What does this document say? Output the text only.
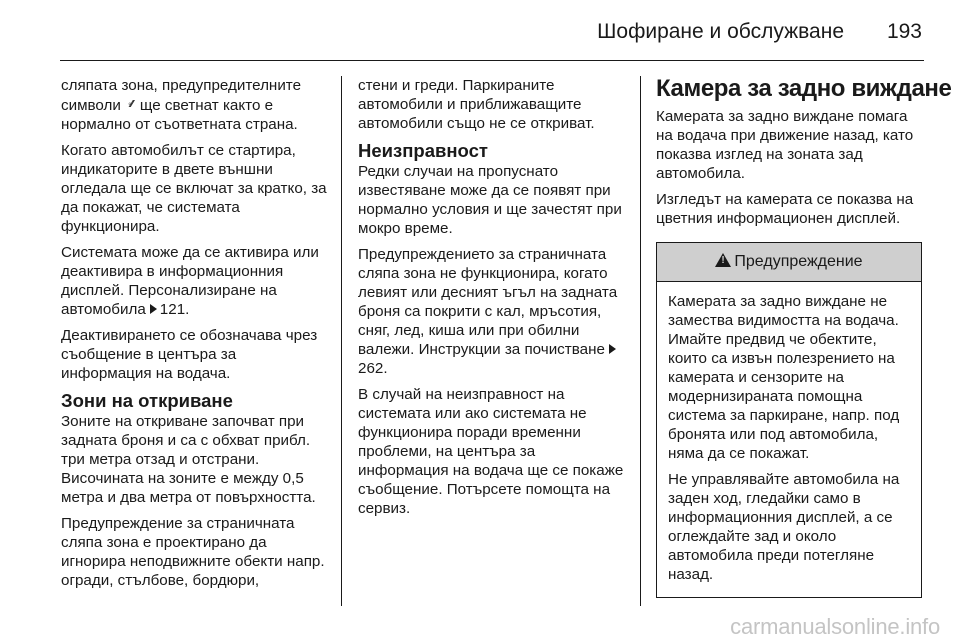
Шофиране и обслужване 193

сляпата зона, предупредителните символи ◦⁄⁄⁄ ще светнат както е нормално от съответната страна.

Когато автомобилът се стартира, индикаторите в двете външни огледала ще се включат за кратко, за да покажат, че системата функционира.

Системата може да се активира или деактивира в информационния дисплей. Персонализиране на автомобила 121.

Деактивирането се обозначава чрез съобщение в центъра за информация на водача.

Зони на откриване

Зоните на откриване започват при задната броня и са с обхват прибл. три метра отзад и отстрани. Височината на зоните е между 0,5 метра и два метра от повърхността.

Предупреждение за страничната сляпа зона е проектирано да игнорира неподвижните обекти напр. огради, стълбове, бордюри,

стени и греди. Паркираните автомобили и приближаващите автомобили също не се откриват.

Неизправност

Редки случаи на пропуснато известяване може да се появят при нормално условия и ще зачестят при мокро време.

Предупреждението за страничната сляпа зона не функционира, когато левият или десният ъгъл на задната броня са покрити с кал, мръсотия, сняг, лед, киша или при обилни валежи. Инструкции за почистване262.

В случай на неизправност на системата или ако системата не функционира поради временни проблеми, на центъра за информация на водача ще се покаже съобщение. Потърсете помощта на сервиз.

Камера за задно виждане

Камерата за задно виждане помага на водача при движение назад, като показва изглед на зоната зад автомобила.

Изгледът на камерата се показва на цветния информационен дисплей.

!Предупреждение

Камерата за задно виждане не замества видимостта на водача. Имайте предвид че обектите, които са извън полезрението на камерата и сензорите на модернизираната помощна система за паркиране, напр. под бронята или под автомобила, няма да се покажат.

Не управлявайте автомобила на заден ход, гледайки само в информационния дисплей, а се оглеждайте зад и около автомобила преди потегляне назад.

carmanualsonline.info
